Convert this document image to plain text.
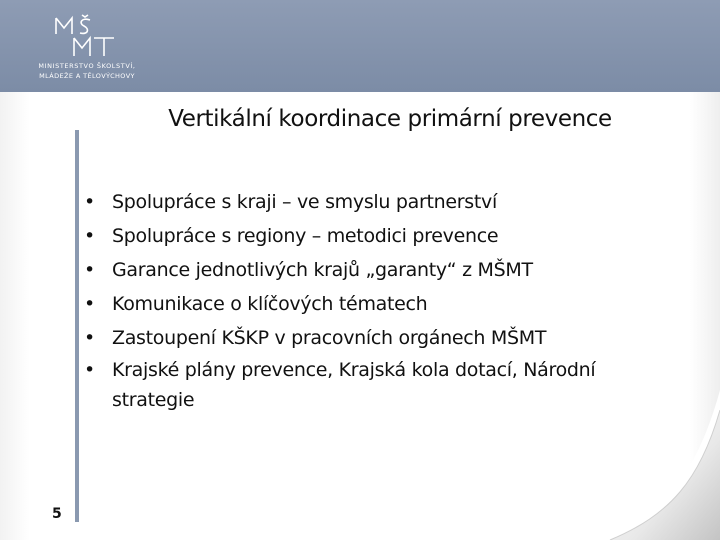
MINISTERSTVO ŠKOLSTVÍ,
MLÁDEŽE A TĚLOVÝCHOVY
Vertikální koordinace primární prevence
• Spolupráce s kraji – ve smyslu partnerství
• Spolupráce s regiony – metodici prevence
• Garance jednotlivých krajů „garanty“ z MŠMT
• Komunikace o klíčových tématech
• Zastoupení KŠKP v pracovních orgánech MŠMT
• Krajské plány prevence, Krajská kola dotací, Národní strategie
5
